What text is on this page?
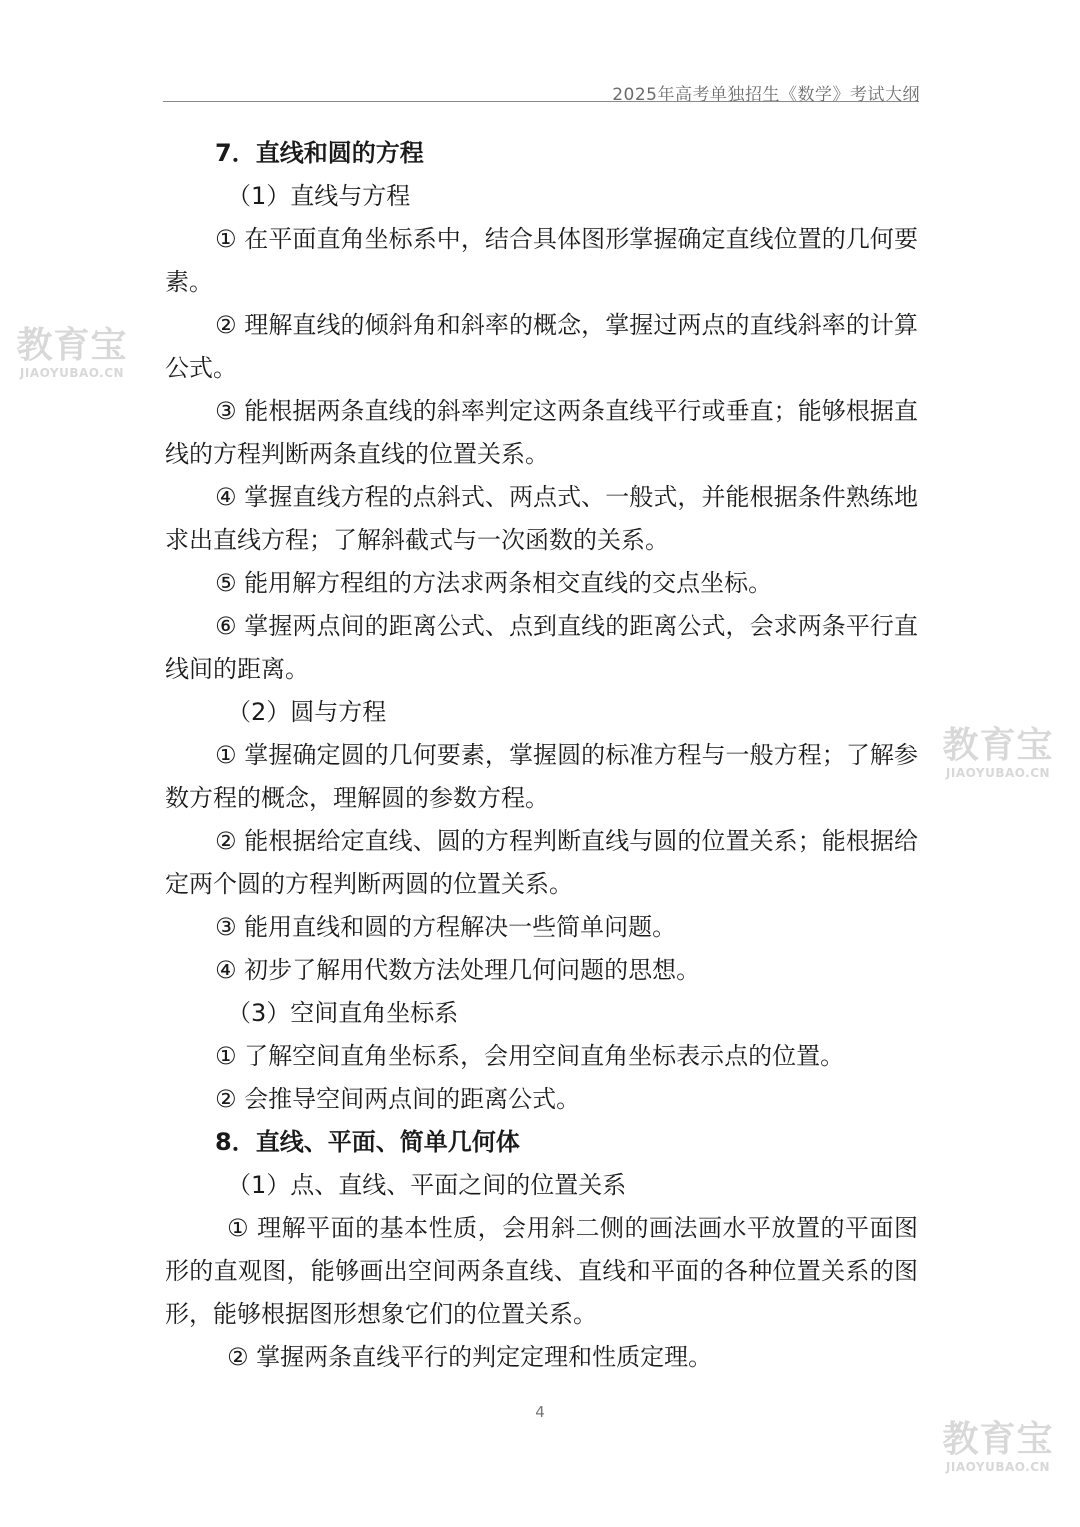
2025年高考单独招生《数学》考试大纲

7．直线和圆的方程

（1）直线与方程

① 在平面直角坐标系中，结合具体图形掌握确定直线位置的几何要素。

② 理解直线的倾斜角和斜率的概念，掌握过两点的直线斜率的计算公式。

③ 能根据两条直线的斜率判定这两条直线平行或垂直；能够根据直线的方程判断两条直线的位置关系。

④ 掌握直线方程的点斜式、两点式、一般式，并能根据条件熟练地求出直线方程；了解斜截式与一次函数的关系。

⑤ 能用解方程组的方法求两条相交直线的交点坐标。

⑥ 掌握两点间的距离公式、点到直线的距离公式，会求两条平行直线间的距离。

（2）圆与方程

① 掌握确定圆的几何要素，掌握圆的标准方程与一般方程；了解参数方程的概念，理解圆的参数方程。

② 能根据给定直线、圆的方程判断直线与圆的位置关系；能根据给定两个圆的方程判断两圆的位置关系。

③ 能用直线和圆的方程解决一些简单问题。

④ 初步了解用代数方法处理几何问题的思想。

（3）空间直角坐标系

① 了解空间直角坐标系，会用空间直角坐标表示点的位置。

② 会推导空间两点间的距离公式。

8．直线、平面、简单几何体

（1）点、直线、平面之间的位置关系

① 理解平面的基本性质，会用斜二侧的画法画水平放置的平面图形的直观图，能够画出空间两条直线、直线和平面的各种位置关系的图形，能够根据图形想象它们的位置关系。

② 掌握两条直线平行的判定定理和性质定理。

4
教育宝
JIAOYUBAO.CN
教育宝
JIAOYUBAO.CN
教育宝
JIAOYUBAO.CN
